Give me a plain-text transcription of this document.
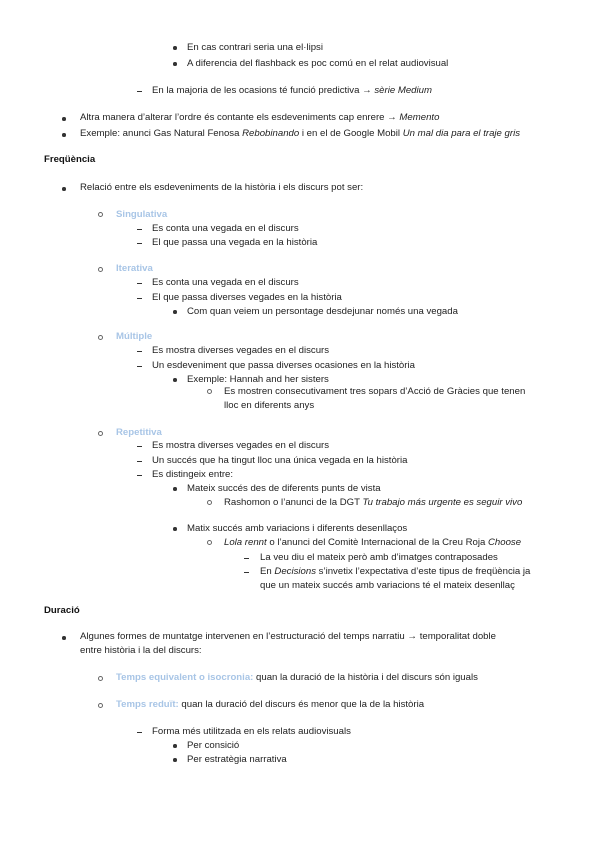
En cas contrari seria una el·lipsi
A diferencia del flashback es poc comú en el relat audiovisual
En la majoria de les ocasions té funció predictiva → sèrie Medium
Altra manera d’alterar l’ordre és contante els esdeveniments cap enrere → Memento
Exemple: anunci Gas Natural Fenosa Rebobinando i en el de Google Mobil Un mal dia para el traje gris
Freqüència
Relació entre els esdeveniments de la història i els discurs pot ser:
Singulativa
Es conta una vegada en el discurs
El que passa una vegada en la història
Iterativa
Es conta una vegada en el discurs
El que passa diverses vegades en la història
Com quan veiem un persontage desdejunar només una vegada
Múltiple
Es mostra diverses vegades en el discurs
Un esdeveniment que passa diverses ocasiones en la història
Exemple: Hannah and her sisters
Es mostren consecutivament tres sopars d’Acció de Gràcies que tenen
lloc en diferents anys
Repetitiva
Es mostra diverses vegades en el discurs
Un succés que ha tingut lloc una única vegada en la història
Es distingeix entre:
Mateix succés des de diferents punts de vista
Rashomon o l’anunci de la DGT Tu trabajo más urgente es seguir vivo
Matix succés amb variacions i diferents desenllaços
Lola rennt o l’anunci del Comitè Internacional de la Creu Roja Choose
La veu diu el mateix però amb d’imatges contraposades
En Decisions s’invetix l’expectativa d’este tipus de freqüència ja
que un mateix succés amb variacions té el mateix desenllaç
Duració
Algunes formes de muntatge intervenen en l’estructuració del temps narratiu → temporalitat doble
entre història i la del discurs:
Temps equivalent o isocronia: quan la duració de la història i del discurs són iguals
Temps reduït: quan la duració del discurs és menor que la de la història
Forma més utilitzada en els relats audiovisuals
Per consició
Per estratègia narrativa
